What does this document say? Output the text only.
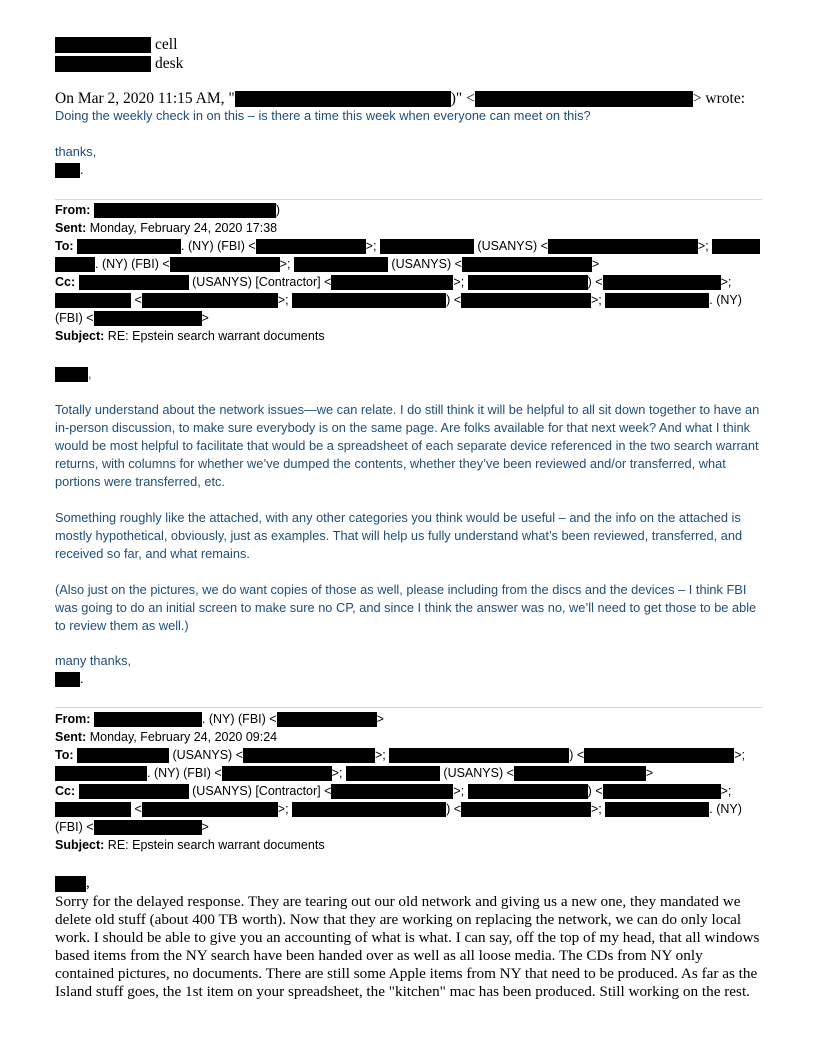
cell
desk
On Mar 2, 2020 11:15 AM, "	)" <	> wrote:
Doing the weekly check in on this – is there a time this week when everyone can meet on this?
thanks,
.
From:	)
Sent: Monday, February 24, 2020 17:38
To:	. (NY) (FBI) <	>;	(USANYS) <	>;
. (NY) (FBI) <	>;	(USANYS) <	>
Cc:	(USANYS) [Contractor] <	>;	) <	>;
<	>;	) <	>;	. (NY)
(FBI) <	>
Subject: RE: Epstein search warrant documents
,
Totally understand about the network issues—we can relate. I do still think it will be helpful to all sit down together to have an in-person discussion, to make sure everybody is on the same page. Are folks available for that next week? And what I think would be most helpful to facilitate that would be a spreadsheet of each separate device referenced in the two search warrant returns, with columns for whether we’ve dumped the contents, whether they’ve been reviewed and/or transferred, what portions were transferred, etc.
Something roughly like the attached, with any other categories you think would be useful – and the info on the attached is mostly hypothetical, obviously, just as examples. That will help us fully understand what’s been reviewed, transferred, and received so far, and what remains.
(Also just on the pictures, we do want copies of those as well, please including from the discs and the devices – I think FBI was going to do an initial screen to make sure no CP, and since I think the answer was no, we’ll need to get those to be able to review them as well.)
many thanks,
.
From:	. (NY) (FBI) <	>
Sent: Monday, February 24, 2020 09:24
To:	(USANYS) <	>;	) <	>;
. (NY) (FBI) <	>;	(USANYS) <	>
Cc:	(USANYS) [Contractor] <	>;	) <	>;
<	>;	) <	>;	. (NY)
(FBI) <	>
Subject: RE: Epstein search warrant documents
,
Sorry for the delayed response. They are tearing out our old network and giving us a new one, they mandated we delete old stuff (about 400 TB worth). Now that they are working on replacing the network, we can do only local work. I should be able to give you an accounting of what is what. I can say, off the top of my head, that all windows based items from the NY search have been handed over as well as all loose media. The CDs from NY only contained pictures, no documents. There are still some Apple items from NY that need to be produced. As far as the Island stuff goes, the 1st item on your spreadsheet, the "kitchen" mac has been produced. Still working on the rest.
